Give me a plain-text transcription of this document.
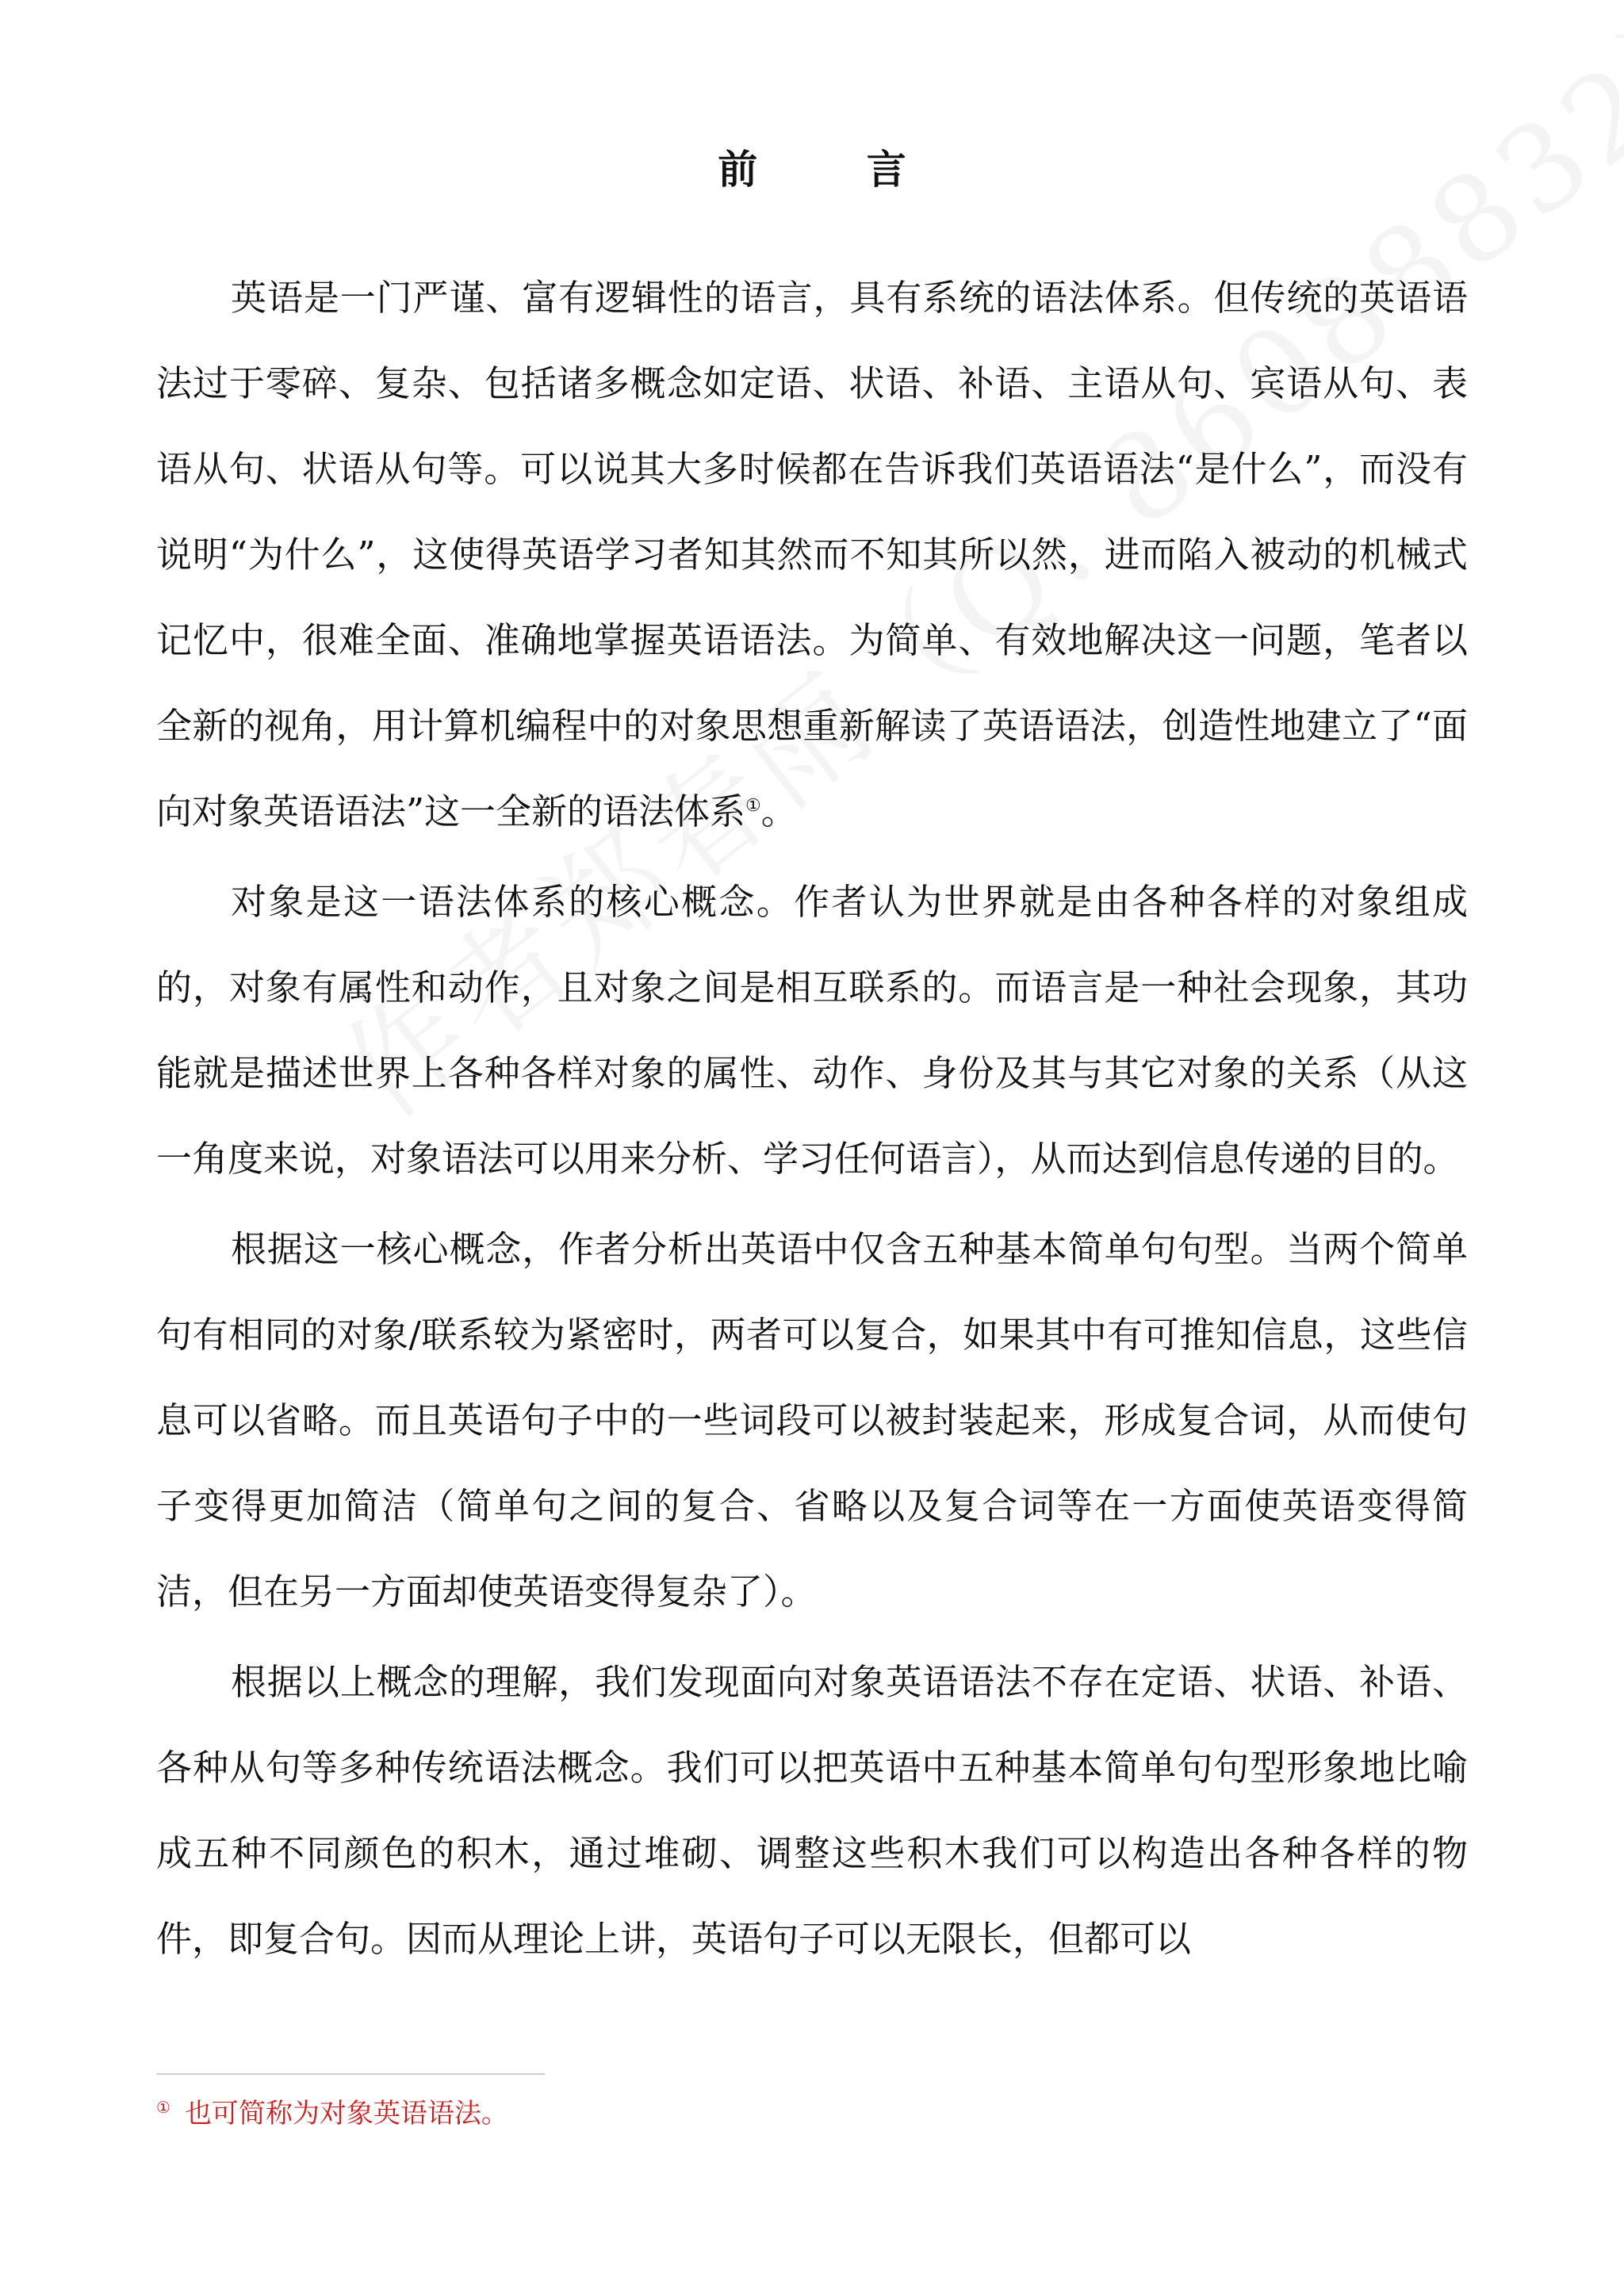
前 言

英语是一门严谨、富有逻辑性的语言，具有系统的语法体系。但传统的英语语法过于零碎、复杂、包括诸多概念如定语、状语、补语、主语从句、宾语从句、表语从句、状语从句等。可以说其大多时候都在告诉我们英语语法“是什么”，而没有说明“为什么”，这使得英语学习者知其然而不知其所以然，进而陷入被动的机械式记忆中，很难全面、准确地掌握英语语法。为简单、有效地解决这一问题，笔者以全新的视角，用计算机编程中的对象思想重新解读了英语语法，创造性地建立了“面向对象英语语法”这一全新的语法体系①。

对象是这一语法体系的核心概念。作者认为世界就是由各种各样的对象组成的，对象有属性和动作，且对象之间是相互联系的。而语言是一种社会现象，其功能就是描述世界上各种各样对象的属性、动作、身份及其与其它对象的关系（从这一角度来说，对象语法可以用来分析、学习任何语言），从而达到信息传递的目的。

根据这一核心概念，作者分析出英语中仅含五种基本简单句句型。当两个简单句有相同的对象/联系较为紧密时，两者可以复合，如果其中有可推知信息，这些信息可以省略。而且英语句子中的一些词段可以被封装起来，形成复合词，从而使句子变得更加简洁（简单句之间的复合、省略以及复合词等在一方面使英语变得简洁，但在另一方面却使英语变得复杂了）。

根据以上概念的理解，我们发现面向对象英语语法不存在定语、状语、补语、各种从句等多种传统语法概念。我们可以把英语中五种基本简单句句型形象地比喻成五种不同颜色的积木，通过堆砌、调整这些积木我们可以构造出各种各样的物件，即复合句。因而从理论上讲，英语句子可以无限长，但都可以

① 也可简称为对象英语语法。
